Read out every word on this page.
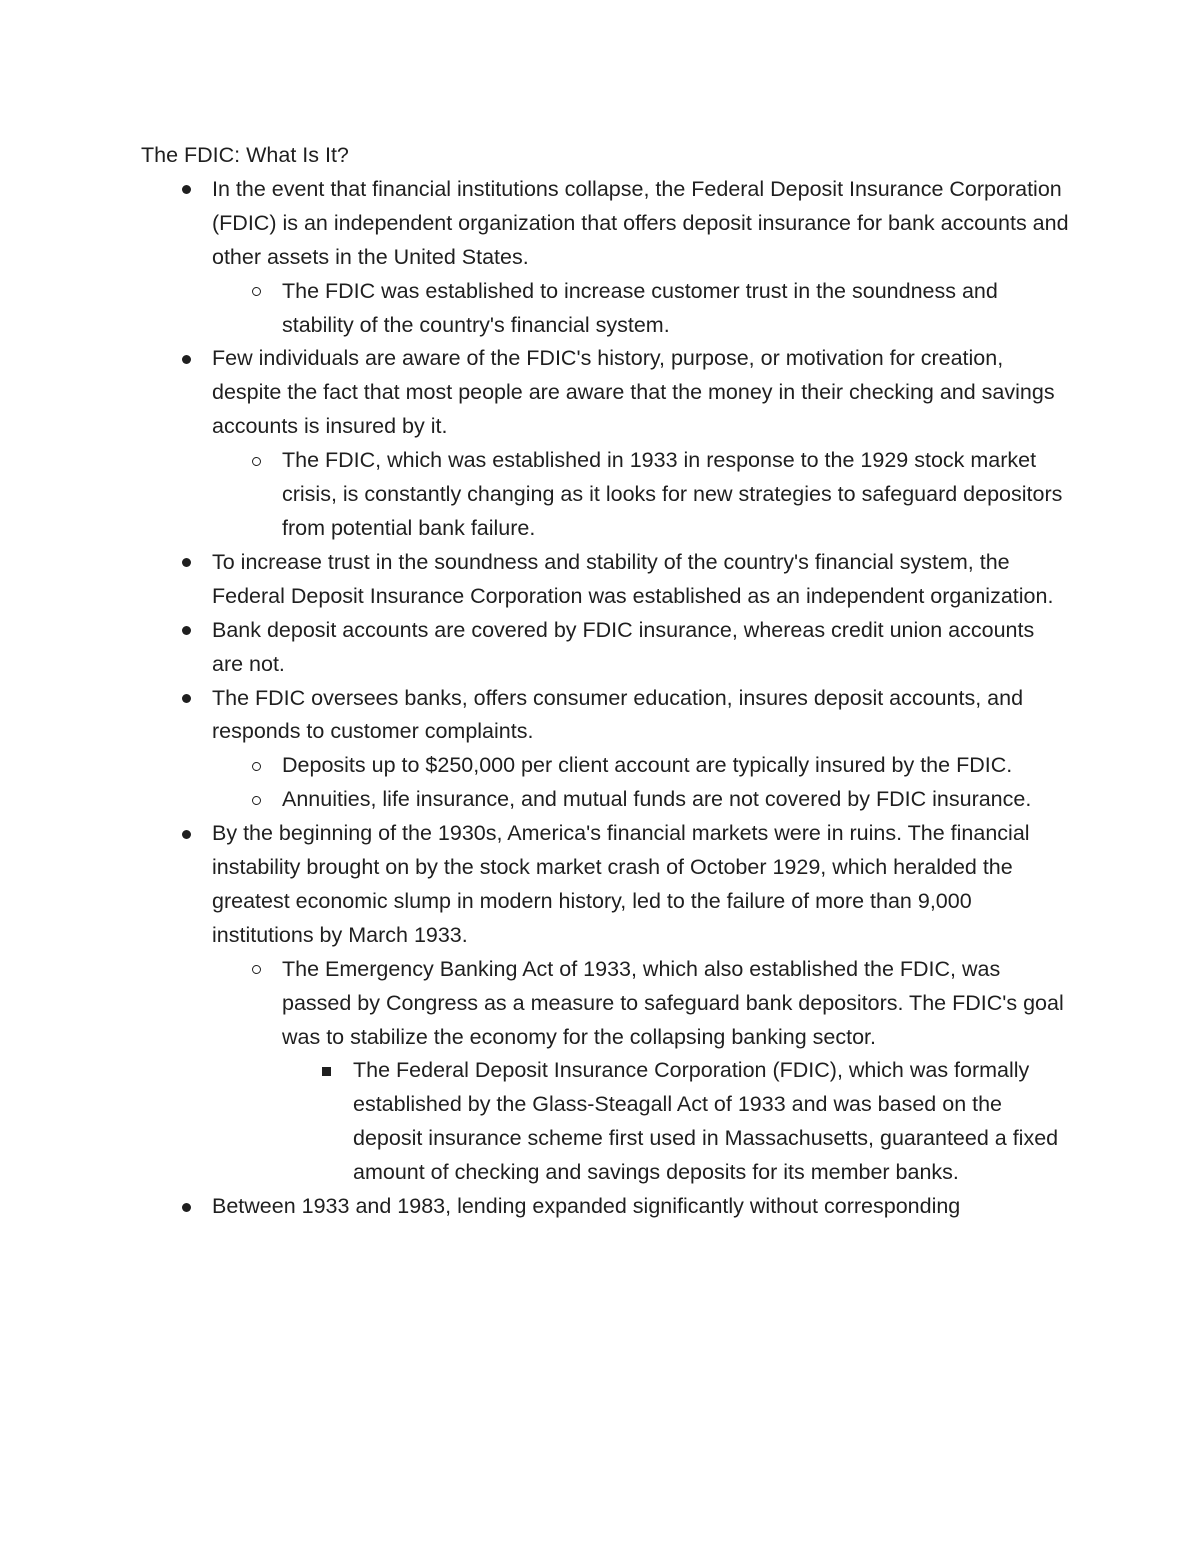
The FDIC: What Is It?
In the event that financial institutions collapse, the Federal Deposit Insurance Corporation (FDIC) is an independent organization that offers deposit insurance for bank accounts and other assets in the United States.
The FDIC was established to increase customer trust in the soundness and stability of the country's financial system.
Few individuals are aware of the FDIC's history, purpose, or motivation for creation, despite the fact that most people are aware that the money in their checking and savings accounts is insured by it.
The FDIC, which was established in 1933 in response to the 1929 stock market crisis, is constantly changing as it looks for new strategies to safeguard depositors from potential bank failure.
To increase trust in the soundness and stability of the country's financial system, the Federal Deposit Insurance Corporation was established as an independent organization.
Bank deposit accounts are covered by FDIC insurance, whereas credit union accounts are not.
The FDIC oversees banks, offers consumer education, insures deposit accounts, and responds to customer complaints.
Deposits up to $250,000 per client account are typically insured by the FDIC.
Annuities, life insurance, and mutual funds are not covered by FDIC insurance.
By the beginning of the 1930s, America's financial markets were in ruins. The financial instability brought on by the stock market crash of October 1929, which heralded the greatest economic slump in modern history, led to the failure of more than 9,000 institutions by March 1933.
The Emergency Banking Act of 1933, which also established the FDIC, was passed by Congress as a measure to safeguard bank depositors. The FDIC's goal was to stabilize the economy for the collapsing banking sector.
The Federal Deposit Insurance Corporation (FDIC), which was formally established by the Glass-Steagall Act of 1933 and was based on the deposit insurance scheme first used in Massachusetts, guaranteed a fixed amount of checking and savings deposits for its member banks.
Between 1933 and 1983, lending expanded significantly without corresponding
